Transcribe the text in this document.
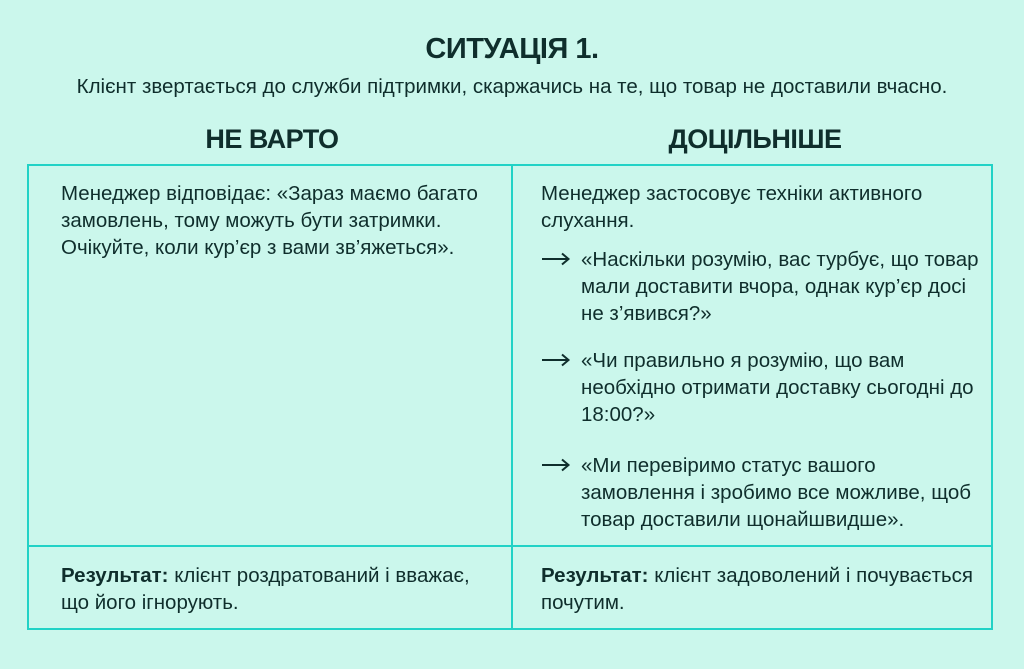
СИТУАЦІЯ 1.
Клієнт звертається до служби підтримки, скаржачись на те, що товар не доставили вчасно.
НЕ ВАРТО	ДОЦІЛЬНІШЕ
Менеджер відповідає: «Зараз маємо багато замовлень, тому можуть бути затримки. Очікуйте, коли кур’єр з вами зв’яжеться».
Менеджер застосовує техніки активного слухання.
«Наскільки розумію, вас турбує, що товар мали доставити вчора, однак кур’єр досі не з’явився?»
«Чи правильно я розумію, що вам необхідно отримати доставку сьогодні до 18:00?»
«Ми перевіримо статус вашого замовлення і зробимо все можливе, щоб товар доставили щонайшвидше».
Результат: клієнт роздратований і вважає, що його ігнорують.
Результат: клієнт задоволений і почувається почутим.
